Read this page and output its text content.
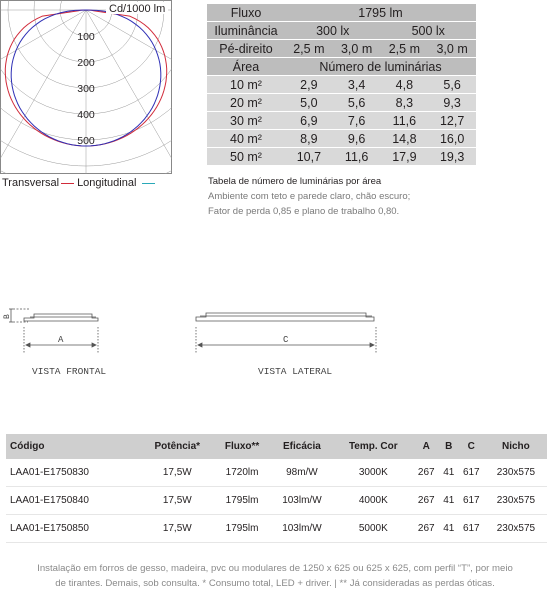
Cd/1000 lm
100
200
300
400
500
Transversal Longitudinal
Fluxo	1795 lm			
Iluminância	300 lx		500 lx	
Pé-direito	2,5 m	3,0 m	2,5 m	3,0 m
Área	Número de luminárias			
10 m²	2,9	3,4	4,8	5,6
20 m²	5,0	5,6	8,3	9,3
30 m²	6,9	7,6	11,6	12,7
40 m²	8,9	9,6	14,8	16,0
50 m²	10,7	11,6	17,9	19,3
Tabela de número de luminárias por área
Ambiente com teto e parede claro, chão escuro;
Fator de perda 0,85 e plano de trabalho 0,80.
B
A	C
VISTA FRONTAL	VISTA LATERAL
Código	Potência*	Fluxo**	Eficácia	Temp. Cor	A	B	C	Nicho
LAA01-E1750830	17,5W	1720lm	98m/W	3000K	267	41	617	230x575
LAA01-E1750840	17,5W	1795lm	103lm/W	4000K	267	41	617	230x575
LAA01-E1750850	17,5W	1795lm	103lm/W	5000K	267	41	617	230x575
Instalação em forros de gesso, madeira, pvc ou modulares de 1250 x 625 ou 625 x 625, com perfil “T”, por meio
de tirantes. Demais, sob consulta. * Consumo total, LED + driver. | ** Já consideradas as perdas óticas.
